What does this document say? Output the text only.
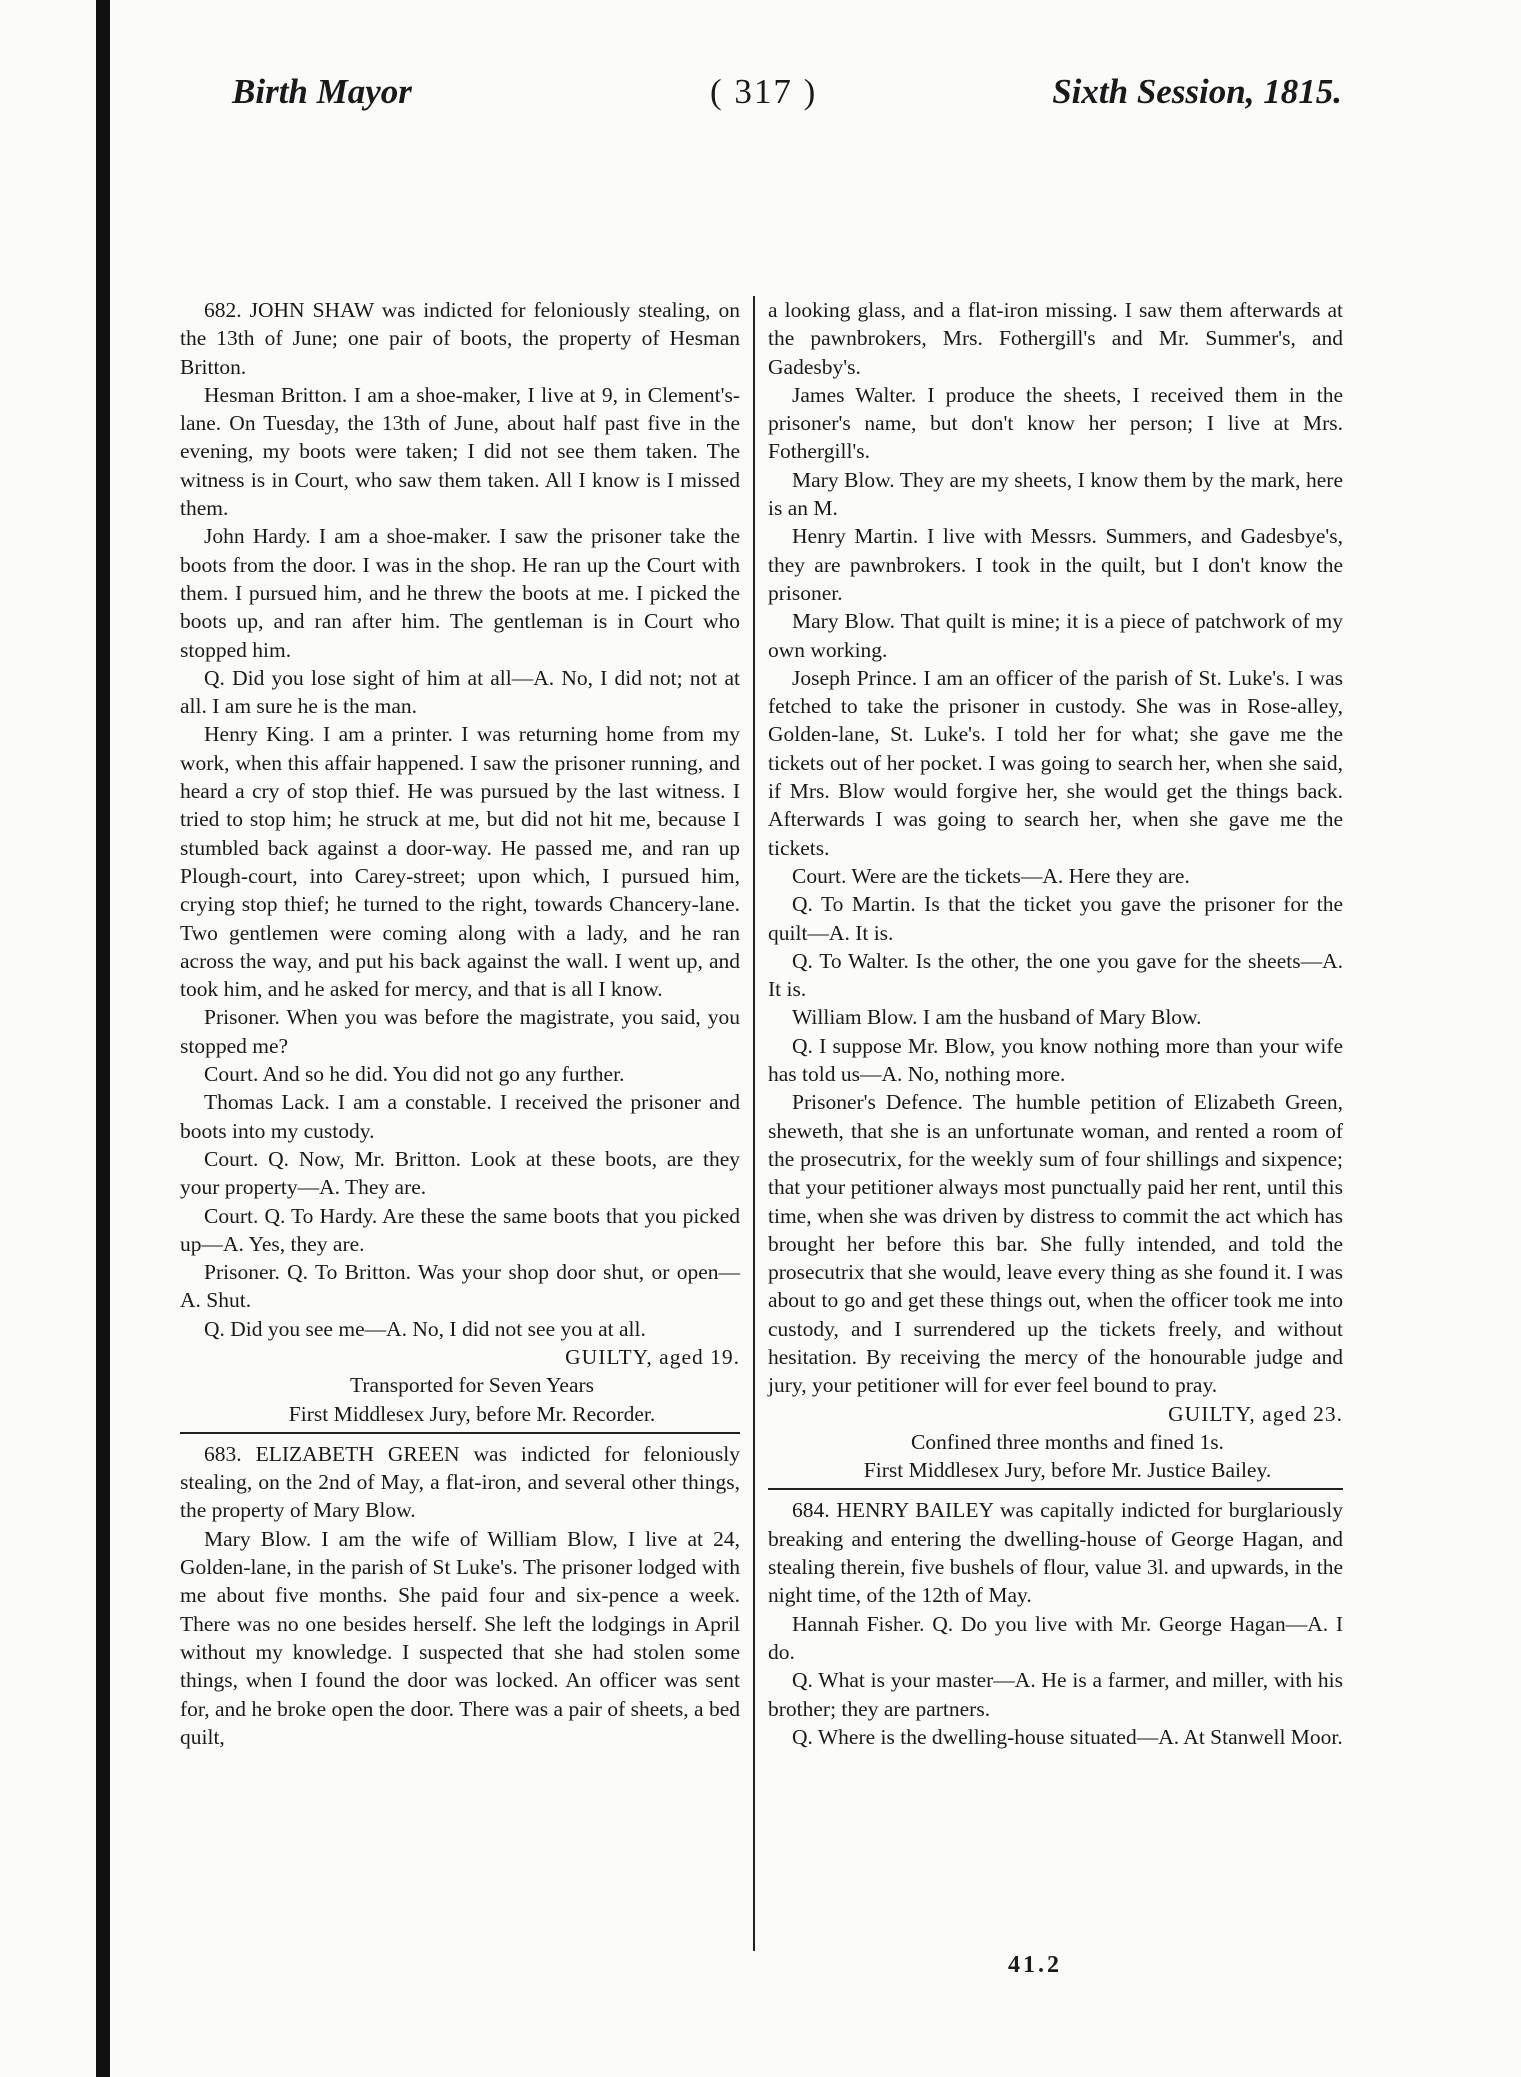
Birth Mayor	( 317 )	Sixth Session, 1815.

682. JOHN SHAW was indicted for feloniously stealing, on the 13th of June; one pair of boots, the property of Hesman Britton.

Hesman Britton. I am a shoe-maker, I live at 9, in Clement's-lane. On Tuesday, the 13th of June, about half past five in the evening, my boots were taken; I did not see them taken. The witness is in Court, who saw them taken. All I know is I missed them.

John Hardy. I am a shoe-maker. I saw the prisoner take the boots from the door. I was in the shop. He ran up the Court with them. I pursued him, and he threw the boots at me. I picked the boots up, and ran after him. The gentleman is in Court who stopped him.

Q. Did you lose sight of him at all—A. No, I did not; not at all. I am sure he is the man.

Henry King. I am a printer. I was returning home from my work, when this affair happened. I saw the prisoner running, and heard a cry of stop thief. He was pursued by the last witness. I tried to stop him; he struck at me, but did not hit me, because I stumbled back against a door-way. He passed me, and ran up Plough-court, into Carey-street; upon which, I pursued him, crying stop thief; he turned to the right, towards Chancery-lane. Two gentlemen were coming along with a lady, and he ran across the way, and put his back against the wall. I went up, and took him, and he asked for mercy, and that is all I know.

Prisoner. When you was before the magistrate, you said, you stopped me?

Court. And so he did. You did not go any further.

Thomas Lack. I am a constable. I received the prisoner and boots into my custody.

Court. Q. Now, Mr. Britton. Look at these boots, are they your property—A. They are.

Court. Q. To Hardy. Are these the same boots that you picked up—A. Yes, they are.

Prisoner. Q. To Britton. Was your shop door shut, or open—A. Shut.

Q. Did you see me—A. No, I did not see you at all.

GUILTY, aged 19.

Transported for Seven Years

First Middlesex Jury, before Mr. Recorder.

683. ELIZABETH GREEN was indicted for feloniously stealing, on the 2nd of May, a flat-iron, and several other things, the property of Mary Blow.

Mary Blow. I am the wife of William Blow, I live at 24, Golden-lane, in the parish of St Luke's. The prisoner lodged with me about five months. She paid four and six-pence a week. There was no one besides herself. She left the lodgings in April without my knowledge. I suspected that she had stolen some things, when I found the door was locked. An officer was sent for, and he broke open the door. There was a pair of sheets, a bed quilt,

a looking glass, and a flat-iron missing. I saw them afterwards at the pawnbrokers, Mrs. Fothergill's and Mr. Summer's, and Gadesby's.

James Walter. I produce the sheets, I received them in the prisoner's name, but don't know her person; I live at Mrs. Fothergill's.

Mary Blow. They are my sheets, I know them by the mark, here is an M.

Henry Martin. I live with Messrs. Summers, and Gadesbye's, they are pawnbrokers. I took in the quilt, but I don't know the prisoner.

Mary Blow. That quilt is mine; it is a piece of patchwork of my own working.

Joseph Prince. I am an officer of the parish of St. Luke's. I was fetched to take the prisoner in custody. She was in Rose-alley, Golden-lane, St. Luke's. I told her for what; she gave me the tickets out of her pocket. I was going to search her, when she said, if Mrs. Blow would forgive her, she would get the things back. Afterwards I was going to search her, when she gave me the tickets.

Court. Were are the tickets—A. Here they are.

Q. To Martin. Is that the ticket you gave the prisoner for the quilt—A. It is.

Q. To Walter. Is the other, the one you gave for the sheets—A. It is.

William Blow. I am the husband of Mary Blow.

Q. I suppose Mr. Blow, you know nothing more than your wife has told us—A. No, nothing more.

Prisoner's Defence. The humble petition of Elizabeth Green, sheweth, that she is an unfortunate woman, and rented a room of the prosecutrix, for the weekly sum of four shillings and sixpence; that your petitioner always most punctually paid her rent, until this time, when she was driven by distress to commit the act which has brought her before this bar. She fully intended, and told the prosecutrix that she would, leave every thing as she found it. I was about to go and get these things out, when the officer took me into custody, and I surrendered up the tickets freely, and without hesitation. By receiving the mercy of the honourable judge and jury, your petitioner will for ever feel bound to pray.

GUILTY, aged 23.

Confined three months and fined 1s.

First Middlesex Jury, before Mr. Justice Bailey.

684. HENRY BAILEY was capitally indicted for burglariously breaking and entering the dwelling-house of George Hagan, and stealing therein, five bushels of flour, value 3l. and upwards, in the night time, of the 12th of May.

Hannah Fisher. Q. Do you live with Mr. George Hagan—A. I do.

Q. What is your master—A. He is a farmer, and miller, with his brother; they are partners.

Q. Where is the dwelling-house situated—A. At Stanwell Moor.

41.2
